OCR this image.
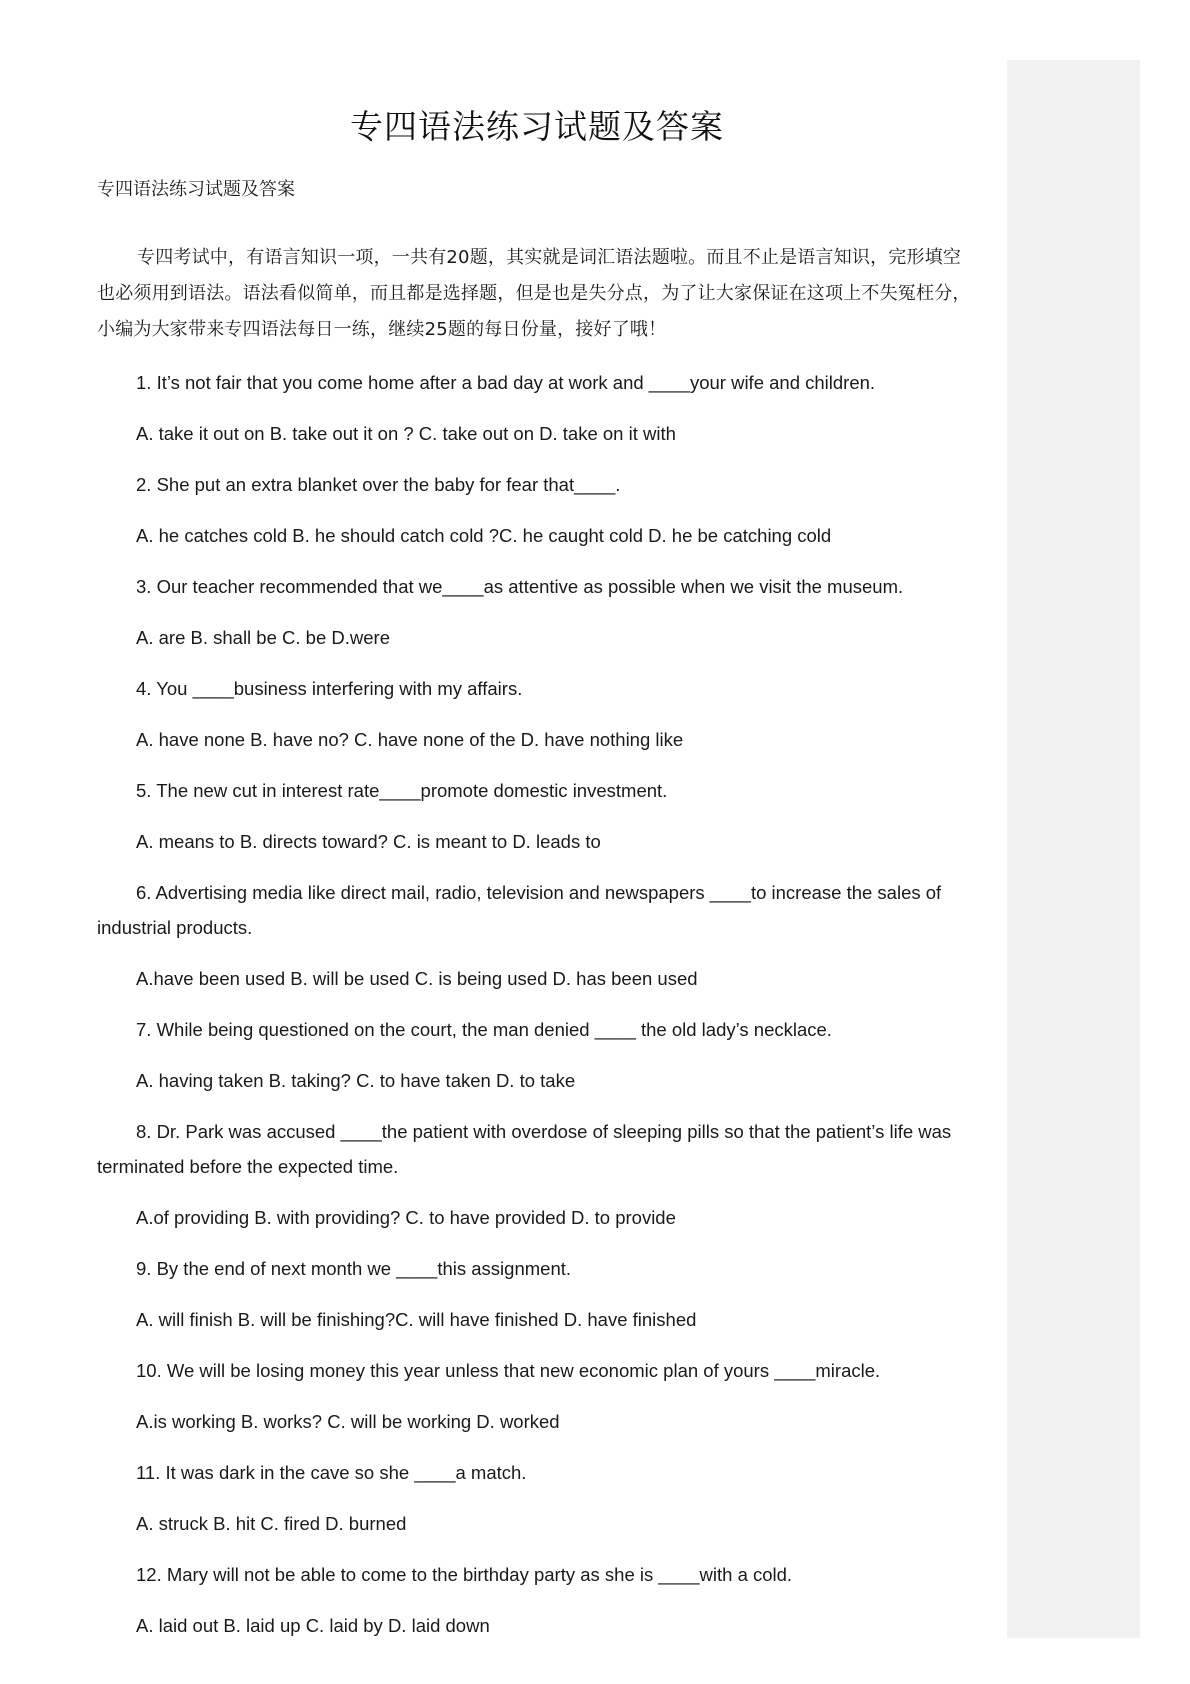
专四语法练习试题及答案

专四语法练习试题及答案

专四考试中，有语言知识一项，一共有20题，其实就是词汇语法题啦。而且不止是语言知识，完形填空也必须用到语法。语法看似简单，而且都是选择题，但是也是失分点，为了让大家保证在这项上不失冤枉分，小编为大家带来专四语法每日一练，继续25题的每日份量，接好了哦！

1. It’s not fair that you come home after a bad day at work and ____your wife and children.

A. take it out on B. take out it on ? C. take out on D. take on it with

2. She put an extra blanket over the baby for fear that____.

A. he catches cold B. he should catch cold ?C. he caught cold D. he be catching cold

3. Our teacher recommended that we____as attentive as possible when we visit the museum.

A. are B. shall be C. be D.were

4. You ____business interfering with my affairs.

A. have none B. have no? C. have none of the D. have nothing like

5. The new cut in interest rate____promote domestic investment.

A. means to B. directs toward? C. is meant to D. leads to

6. Advertising media like direct mail, radio, television and newspapers ____to increase the sales of industrial products.

A.have been used B. will be used C. is being used D. has been used

7. While being questioned on the court, the man denied ____ the old lady’s necklace.

A. having taken B. taking? C. to have taken D. to take

8. Dr. Park was accused ____the patient with overdose of sleeping pills so that the patient’s life was terminated before the expected time.

A.of providing B. with providing? C. to have provided D. to provide

9. By the end of next month we ____this assignment.

A. will finish B. will be finishing?C. will have finished D. have finished

10. We will be losing money this year unless that new economic plan of yours ____miracle.

A.is working B. works? C. will be working D. worked

11. It was dark in the cave so she ____a match.

A. struck B. hit C. fired D. burned

12. Mary will not be able to come to the birthday party as she is ____with a cold.

A. laid out B. laid up C. laid by D. laid down
